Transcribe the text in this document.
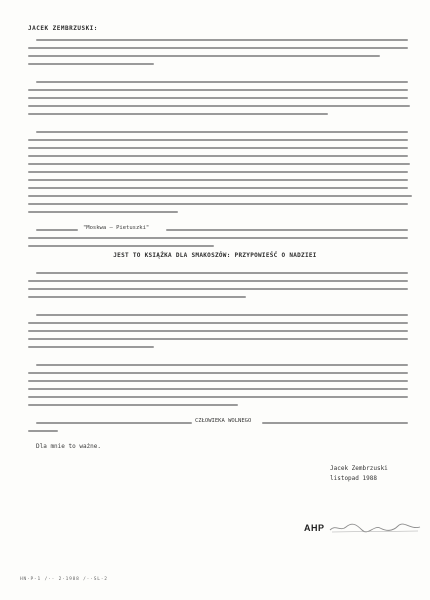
JACEK ZEMBRZUSKI:
"Moskwa — Pietuszki"
JEST TO KSIĄŻKA DLA SMAKOSZÓW: PRZYPOWIEŚĆ O NADZIEI
CZŁOWIEKA WOLNEGO
Dla mnie to ważne.
Jacek Zembrzuski
listopad 1988
AHP
HN·P-1 /·· 2·1988 /··SL·2
